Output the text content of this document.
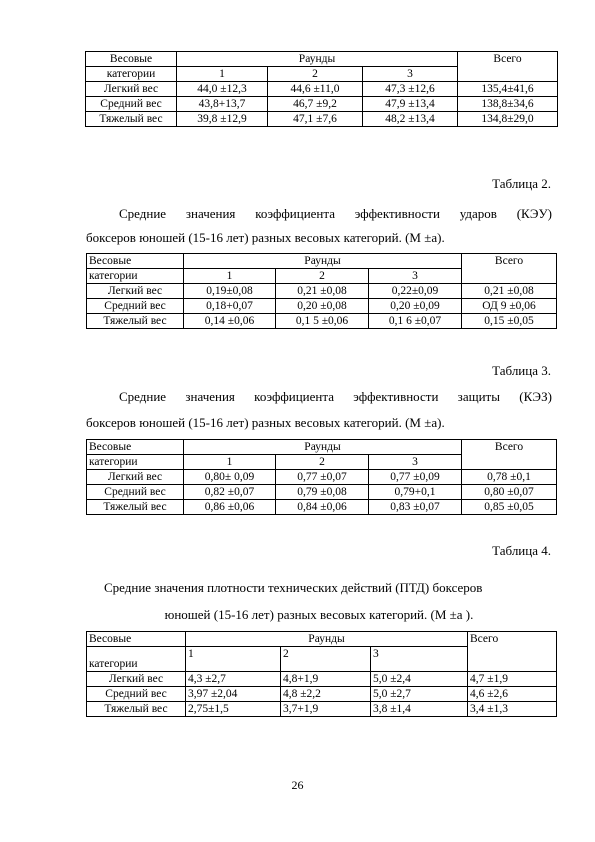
Весовые	Раунды			Всего
категории	1	2	3	
Легкий вес	44,0 ±12,3	44,6 ±11,0	47,3 ±12,6	135,4±41,6
Средний вес	43,8+13,7	46,7 ±9,2	47,9 ±13,4	138,8±34,6
Тяжелый вес	39,8 ±12,9	47,1 ±7,6	48,2 ±13,4	134,8±29,0
Таблица 2.
Средние значения коэффициента эффективности ударов (КЭУ)
боксеров юношей (15-16 лет) разных весовых категорий. (М ±а).
Весовые	Раунды			Всего
категории	1	2	3	
Легкий вес	0,19±0,08	0,21 ±0,08	0,22±0,09	0,21 ±0,08
Средний вес	0,18+0,07	0,20 ±0,08	0,20 ±0,09	ОД 9 ±0,06
Тяжелый вес	0,14 ±0,06	0,1 5 ±0,06	0,1 6 ±0,07	0,15 ±0,05
Таблица 3.
Средние значения коэффициента эффективности защиты (КЭЗ)
боксеров юношей (15-16 лет) разных весовых категорий. (М ±а).
Весовые	Раунды			Всего
категории	1	2	3	
Легкий вес	0,80± 0,09	0,77 ±0,07	0,77 ±0,09	0,78 ±0,1
Средний вес	0,82 ±0,07	0,79 ±0,08	0,79+0,1	0,80 ±0,07
Тяжелый вес	0,86 ±0,06	0,84 ±0,06	0,83 ±0,07	0,85 ±0,05
Таблица 4.
Средние значения плотности технических действий (ПТД) боксеров
юношей (15-16 лет) разных весовых категорий. (М ±а ).
Весовые	Раунды			Всего
категории	1	2	3	
Легкий вес	4,3 ±2,7	4,8+1,9	5,0 ±2,4	4,7 ±1,9
Средний вес	3,97 ±2,04	4,8 ±2,2	5,0 ±2,7	4,6 ±2,6
Тяжелый вес	2,75±1,5	3,7+1,9	3,8 ±1,4	3,4 ±1,3
26
